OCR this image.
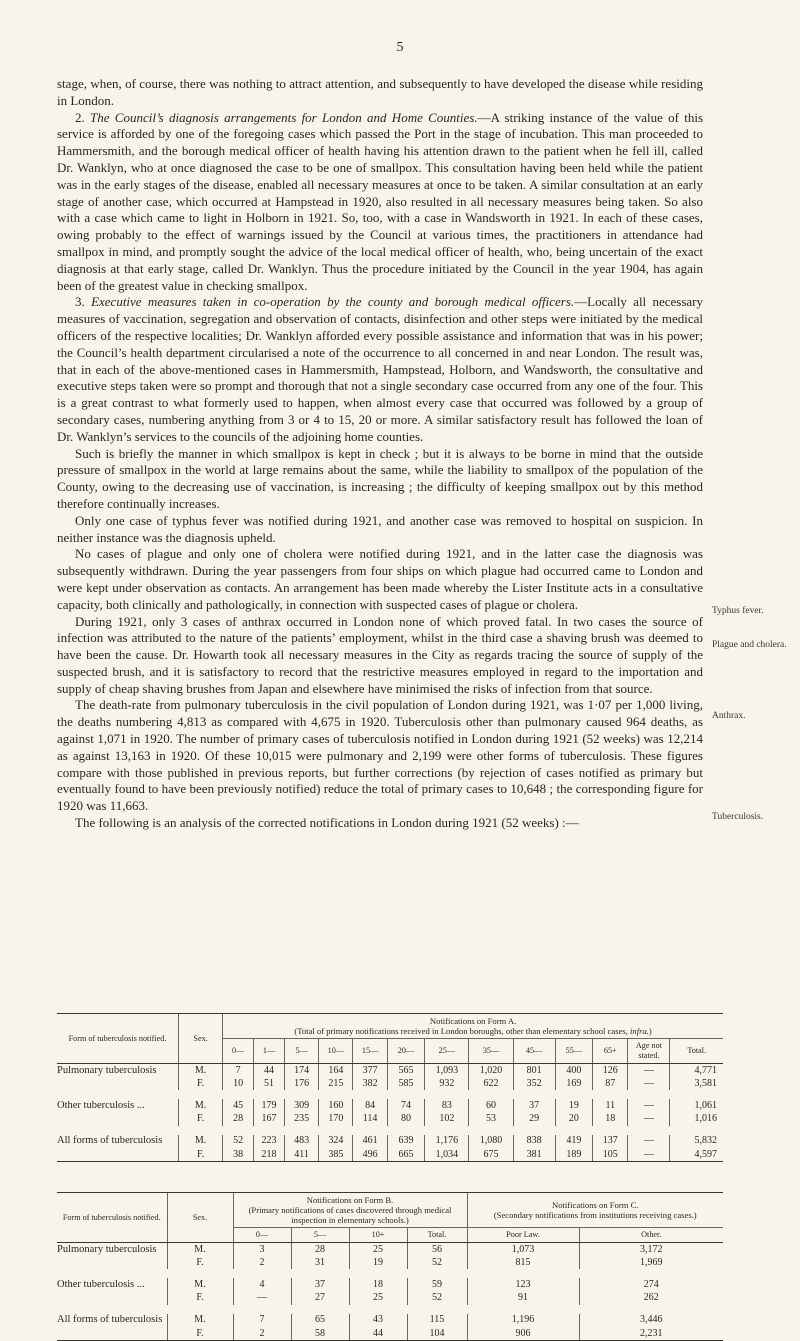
5

stage, when, of course, there was nothing to attract attention, and subsequently to have developed the disease while residing in London.

2. The Council’s diagnosis arrangements for London and Home Counties.—A striking instance of the value of this service is afforded by one of the foregoing cases which passed the Port in the stage of incubation. This man proceeded to Hammersmith, and the borough medical officer of health having his attention drawn to the patient when he fell ill, called Dr. Wanklyn, who at once diagnosed the case to be one of smallpox. This consultation having been held while the patient was in the early stages of the disease, enabled all necessary measures at once to be taken. A similar consultation at an early stage of another case, which occurred at Hampstead in 1920, also resulted in all necessary measures being taken. So also with a case which came to light in Holborn in 1921. So, too, with a case in Wandsworth in 1921. In each of these cases, owing probably to the effect of warnings issued by the Council at various times, the practitioners in attendance had smallpox in mind, and promptly sought the advice of the local medical officer of health, who, being uncertain of the exact diagnosis at that early stage, called Dr. Wanklyn. Thus the procedure initiated by the Council in the year 1904, has again been of the greatest value in checking smallpox.

3. Executive measures taken in co-operation by the county and borough medical officers.—Locally all necessary measures of vaccination, segregation and observation of contacts, disinfection and other steps were initiated by the medical officers of the respective localities; Dr. Wanklyn afforded every possible assistance and information that was in his power; the Council’s health department circularised a note of the occurrence to all concerned in and near London. The result was, that in each of the above-mentioned cases in Hammersmith, Hampstead, Holborn, and Wandsworth, the consultative and executive steps taken were so prompt and thorough that not a single secondary case occurred from any one of the four. This is a great contrast to what formerly used to happen, when almost every case that occurred was followed by a group of secondary cases, numbering anything from 3 or 4 to 15, 20 or more. A similar satisfactory result has followed the loan of Dr. Wanklyn’s services to the councils of the adjoining home counties.

Such is briefly the manner in which smallpox is kept in check ; but it is always to be borne in mind that the outside pressure of smallpox in the world at large remains about the same, while the liability to smallpox of the population of the County, owing to the decreasing use of vaccination, is increasing ; the difficulty of keeping smallpox out by this method therefore continually increases.

Only one case of typhus fever was notified during 1921, and another case was removed to hospital on suspicion. In neither instance was the diagnosis upheld.

No cases of plague and only one of cholera were notified during 1921, and in the latter case the diagnosis was subsequently withdrawn. During the year passengers from four ships on which plague had occurred came to London and were kept under observation as contacts. An arrangement has been made whereby the Lister Institute acts in a consultative capacity, both clinically and pathologically, in connection with suspected cases of plague or cholera.

During 1921, only 3 cases of anthrax occurred in London none of which proved fatal. In two cases the source of infection was attributed to the nature of the patients’ employment, whilst in the third case a shaving brush was deemed to have been the cause. Dr. Howarth took all necessary measures in the City as regards tracing the source of supply of the suspected brush, and it is satisfactory to record that the restrictive measures employed in regard to the importation and supply of cheap shaving brushes from Japan and elsewhere have minimised the risks of infection from that source.

The death-rate from pulmonary tuberculosis in the civil population of London during 1921, was 1·07 per 1,000 living, the deaths numbering 4,813 as compared with 4,675 in 1920. Tuberculosis other than pulmonary caused 964 deaths, as against 1,071 in 1920. The number of primary cases of tuberculosis notified in London during 1921 (52 weeks) was 12,214 as against 13,163 in 1920. Of these 10,015 were pulmonary and 2,199 were other forms of tuberculosis. These figures compare with those published in previous reports, but further corrections (by rejection of cases notified as primary but eventually found to have been previously notified) reduce the total of primary cases to 10,648 ; the corresponding figure for 1920 was 11,663.

The following is an analysis of the corrected notifications in London during 1921 (52 weeks) :—

Typhus fever.
Plague and cholera.
Anthrax.
Tuberculosis.
Form of tuberculosis notified.	Sex.	Notifications on Form A.
(Total of primary notifications received in London boroughs, other than elementary school cases, infra.)												
		0—	1—	5—	10—	15—	20—	25—	35—	45—	55—	65+	Age not stated.	Total.
Pulmonary tuberculosis	M.	7	44	174	164	377	565	1,093	1,020	801	400	126	—	4,771
	F.	10	51	176	215	382	585	932	622	352	169	87	—	3,581

Other tuberculosis ...	M.	45	179	309	160	84	74	83	60	37	19	11	—	1,061
	F.	28	167	235	170	114	80	102	53	29	20	18	—	1,016

All forms of tuberculosis	M.	52	223	483	324	461	639	1,176	1,080	838	419	137	—	5,832
	F.	38	218	411	385	496	665	1,034	675	381	189	105	—	4,597
Form of tuberculosis notified.	Sex.	Notifications on Form B.
(Primary notifications of cases discovered through medical inspection in elementary schools.)				Notifications on Form C.
(Secondary notifications from institutions receiving cases.)	
		0—	5—	10+	Total.	Poor Law.	Other.
Pulmonary tuberculosis	M.	3	28	25	56	1,073	3,172
	F.	2	31	19	52	815	1,969

Other tuberculosis ...	M.	4	37	18	59	123	274
	F.	—	27	25	52	91	262

All forms of tuberculosis	M.	7	65	43	115	1,196	3,446
	F.	2	58	44	104	906	2,231
